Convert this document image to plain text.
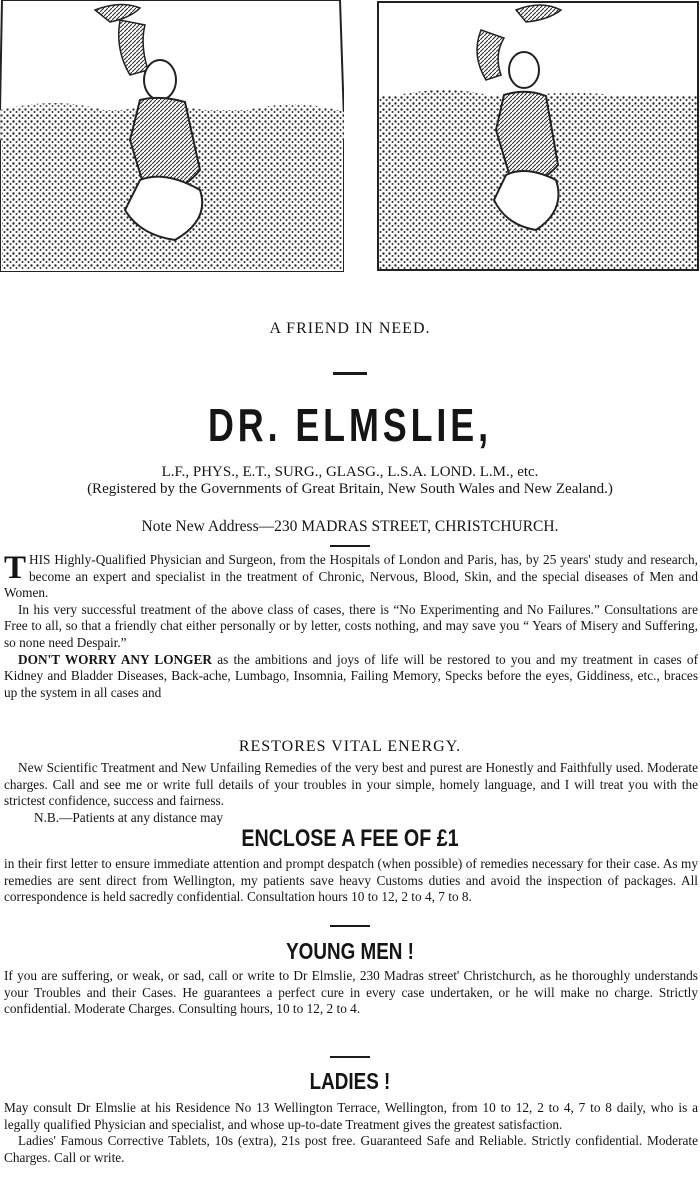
A FRIEND IN NEED.
DR. ELMSLIE,
L.F., PHYS., E.T., SURG., GLASG., L.S.A. LOND. L.M., etc.
(Registered by the Governments of Great Britain, New South Wales and New Zealand.)
Note New Address—230 MADRAS STREET, CHRISTCHURCH.

THIS Highly-Qualified Physician and Surgeon, from the Hospitals of London and Paris, has, by 25 years' study and research, become an expert and specialist in the treatment of Chronic, Nervous, Blood, Skin, and the special diseases of Men and Women.

In his very successful treatment of the above class of cases, there is “No Experimenting and No Failures.” Consultations are Free to all, so that a friendly chat either personally or by letter, costs nothing, and may save you “ Years of Misery and Suffering, so none need Despair.”

DON'T WORRY ANY LONGER as the ambitions and joys of life will be restored to you and my treatment in cases of Kidney and Bladder Diseases, Back-ache, Lumbago, Insomnia, Failing Memory, Specks before the eyes, Giddiness, etc., braces up the system in all cases and

RESTORES VITAL ENERGY.

New Scientific Treatment and New Unfailing Remedies of the very best and purest are Honestly and Faithfully used. Moderate charges. Call and see me or write full details of your troubles in your simple, homely language, and I will treat you with the strictest confidence, success and fairness.

N.B.—Patients at any distance may

ENCLOSE A FEE OF £1
in their first letter to ensure immediate attention and prompt despatch (when possible) of remedies necessary for their case. As my remedies are sent direct from Wellington, my patients save heavy Customs duties and avoid the inspection of packages. All correspondence is held sacredly confidential. Consultation hours 10 to 12, 2 to 4, 7 to 8.
YOUNG MEN !
If you are suffering, or weak, or sad, call or write to Dr Elmslie, 230 Madras street' Christchurch, as he thoroughly understands your Troubles and their Cases. He guarantees a perfect cure in every case undertaken, or he will make no charge. Strictly confidential. Moderate Charges. Consulting hours, 10 to 12, 2 to 4.
LADIES !

May consult Dr Elmslie at his Residence No 13 Wellington Terrace, Wellington, from 10 to 12, 2 to 4, 7 to 8 daily, who is a legally qualified Physician and specialist, and whose up-to-date Treatment gives the greatest satisfaction.

Ladies' Famous Corrective Tablets, 10s (extra), 21s post free. Guaranteed Safe and Reliable. Strictly confidential. Moderate Charges. Call or write.
